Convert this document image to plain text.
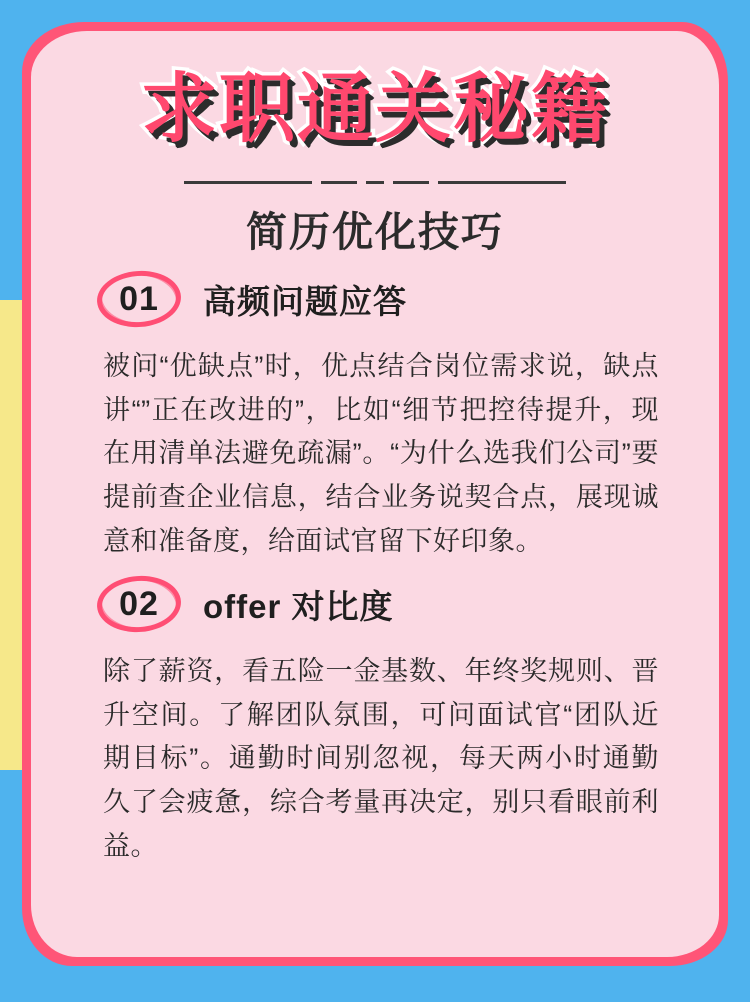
求职通关秘籍
简历优化技巧
01 高频问题应答
被问“优缺点”时，优点结合岗位需求说，缺点讲“”正在改进的”，比如“细节把控待提升，现在用清单法避免疏漏”。“为什么选我们公司”要提前查企业信息，结合业务说契合点，展现诚意和准备度，给面试官留下好印象。
02 offer 对比度
除了薪资，看五险一金基数、年终奖规则、晋升空间。了解团队氛围，可问面试官“团队近期目标”。通勤时间别忽视，每天两小时通勤久了会疲惫，综合考量再决定，别只看眼前利益。
